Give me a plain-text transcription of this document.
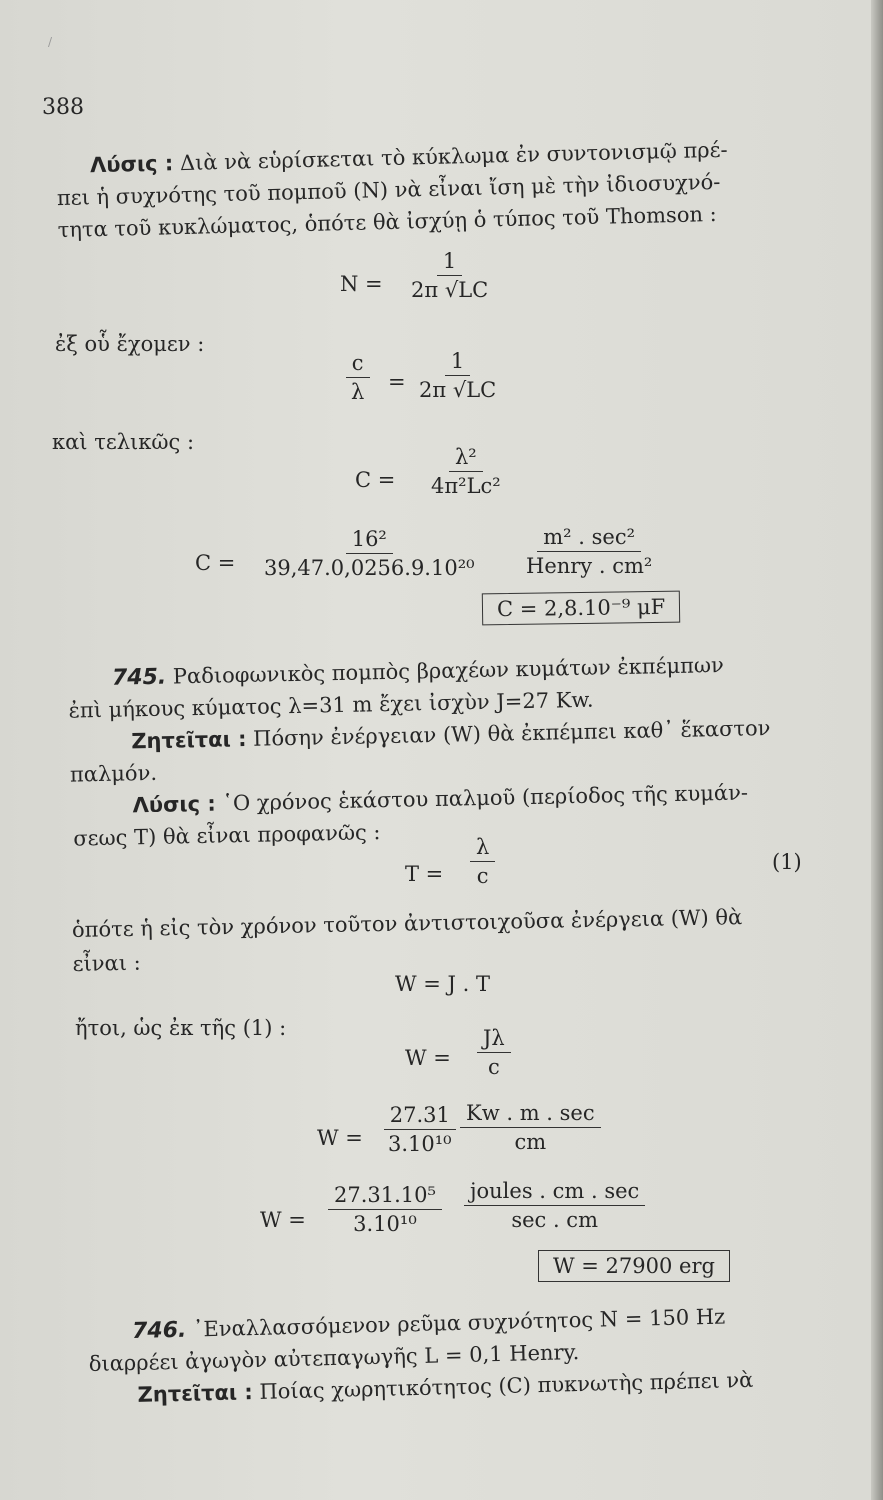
/
388
Λύσις : Διὰ νὰ εὑρίσκεται τὸ κύκλωμα ἐν συντονισμῷ πρέ-
πει ἡ συχνότης τοῦ πομποῦ (N) νὰ εἶναι ἴση μὲ τὴν ἰδιοσυχνό-
τητα τοῦ κυκλώματος, ὁπότε θὰ ἰσχύῃ ὁ τύπος τοῦ Thomson :
$N = \frac{1}{2\pi √LC}$
ἐξ οὗ ἔχομεν :
$\frac{c}{\lambda} = \frac{1}{2\pi √LC}$
καὶ τελικῶς :
$C = \frac{\text{λ²}}{\text{4π²Lc²}}$
$C = \frac{\text{16²}}{\text{39,47.0,0256.9.10²⁰}}$	m² . sec²
Henry . cm²
C = 2,8.10⁻⁹ μF
745. Ραδιοφωνικὸς πομπὸς βραχέων κυμάτων ἐκπέμπων
ἐπὶ μήκους κύματος λ=31 m ἔχει ἰσχὺν J=27 Kw.
Ζητεῖται : Πόσην ἐνέργειαν (W) θὰ ἐκπέμπει καθ᾽ ἕκαστον
παλμόν.
Λύσις : ῾Ο χρόνος ἑκάστου παλμοῦ (περίοδος τῆς κυμάν-
σεως Τ) θὰ εἶναι προφανῶς :
$T = \frac{\lambda}{c}$	(1)
ὁπότε ἡ εἰς τὸν χρόνον τοῦτον ἀντιστοιχοῦσα ἐνέργεια (W) θὰ
εἶναι :
W = J . T
ἤτοι, ὡς ἐκ τῆς (1) :
$W = \frac{J\lambda}{c}$
$W = \frac{27.31}{\text{3.10¹⁰}}$ Kw . m . sec
cm
$W = \frac{\text{27.31.10⁵}}{\text{3.10¹⁰}}$ joules . cm . sec
sec . cm
W = 27900 erg
746. ᾽Εναλλασσόμενον ρεῦμα συχνότητος N = 150 Hz
διαρρέει ἀγωγὸν αὐτεπαγωγῆς L = 0,1 Henry.
Ζητεῖται : Ποίας χωρητικότητος (C) πυκνωτὴς πρέπει νὰ
